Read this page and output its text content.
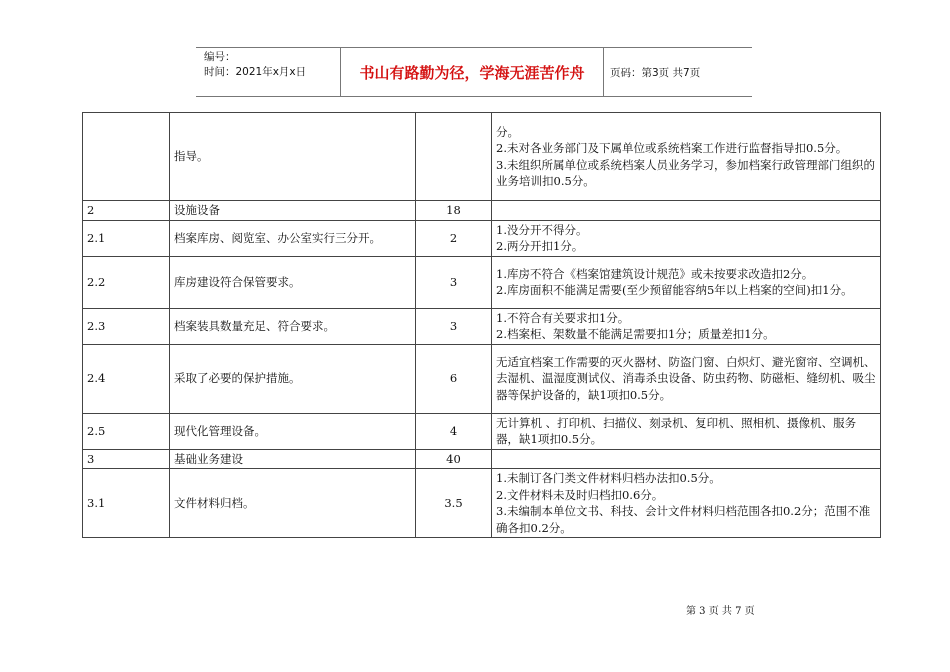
编号：
时间：2021年x月x日	书山有路勤为径，学海无涯苦作舟	页码：第3页 共7页
	指导。		分。
2.未对各业务部门及下属单位或系统档案工作进行监督指导扣0.5分。
3.未组织所属单位或系统档案人员业务学习，参加档案行政管理部门组织的业务培训扣0.5分。

2	设施设备	18	
2.1	档案库房、阅览室、办公室实行三分开。	2	1.没分开不得分。
2.两分开扣1分。

2.2	库房建设符合保管要求。	3	1.库房不符合《档案馆建筑设计规范》或未按要求改造扣2分。
2.库房面积不能满足需要(至少预留能容纳5年以上档案的空间)扣1分。

2.3	档案装具数量充足、符合要求。	3	1.不符合有关要求扣1分。
2.档案柜、架数量不能满足需要扣1分；质量差扣1分。

2.4	采取了必要的保护措施。	6	无适宜档案工作需要的灭火器材、防盗门窗、白炽灯、避光窗帘、空调机、去湿机、温湿度测试仪、消毒杀虫设备、防虫药物、防磁柜、缝纫机、吸尘器等保护设备的，缺1项扣0.5分。

2.5	现代化管理设备。	4	无计算机 、打印机、扫描仪、刻录机、复印机、照相机、摄像机、服务器，缺1项扣0.5分。

3	基础业务建设	40	
3.1	文件材料归档。	3.5	1.未制订各门类文件材料归档办法扣0.5分。
2.文件材料未及时归档扣0.6分。
3.未编制本单位文书、科技、会计文件材料归档范围各扣0.2分；范围不准确各扣0.2分。
第 3 页 共 7 页
